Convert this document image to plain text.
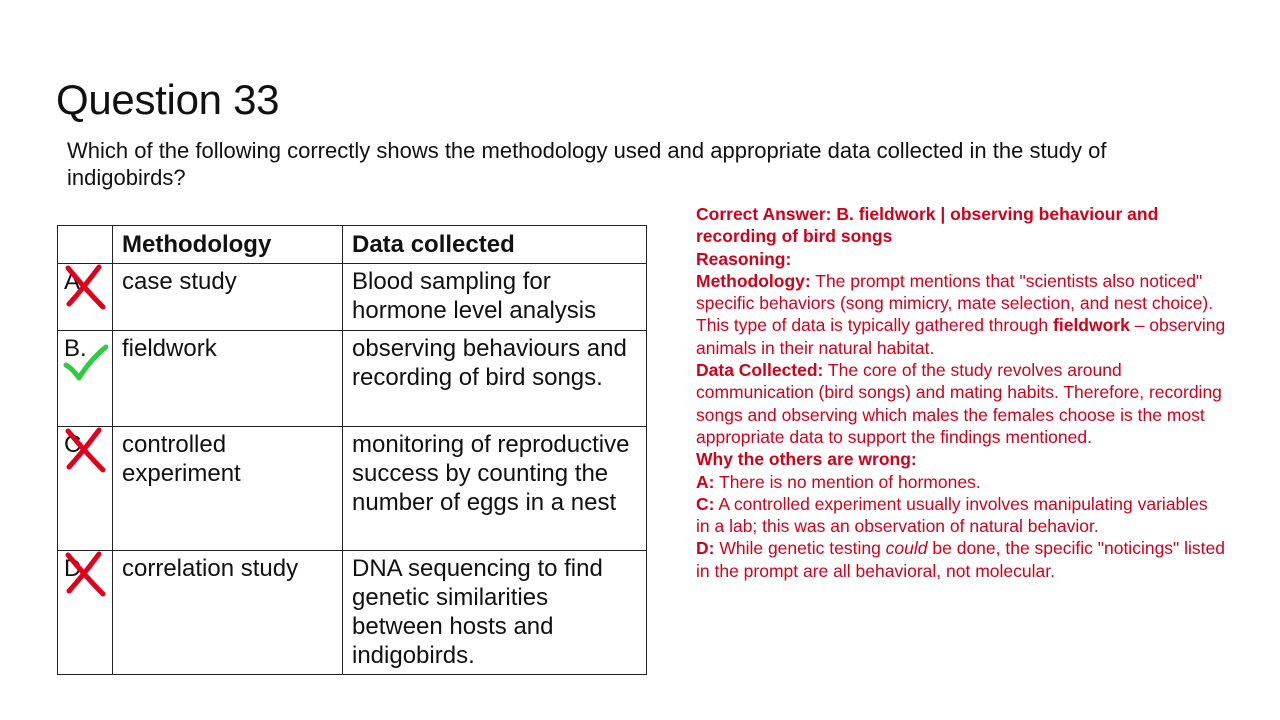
Question 33
Which of the following correctly shows the methodology used and appropriate data collected in the study of indigobirds?
	Methodology	Data collected
A.	case study	Blood sampling for hormone level analysis
B.	fieldwork	observing behaviours and recording of bird songs.
C.	controlled experiment	monitoring of reproductive success by counting the number of eggs in a nest
D.	correlation study	DNA sequencing to find genetic similarities between hosts and indigobirds.

Correct Answer: B. fieldwork | observing behaviour and recording of bird songs

Reasoning:

Methodology: The prompt mentions that "scientists also noticed" specific behaviors (song mimicry, mate selection, and nest choice). This type of data is typically gathered through fieldwork – observing animals in their natural habitat.

Data Collected: The core of the study revolves around communication (bird songs) and mating habits. Therefore, recording songs and observing which males the females choose is the most appropriate data to support the findings mentioned.

Why the others are wrong:

A: There is no mention of hormones.

C: A controlled experiment usually involves manipulating variables in a lab; this was an observation of natural behavior.

D: While genetic testing could be done, the specific "noticings" listed in the prompt are all behavioral, not molecular.
